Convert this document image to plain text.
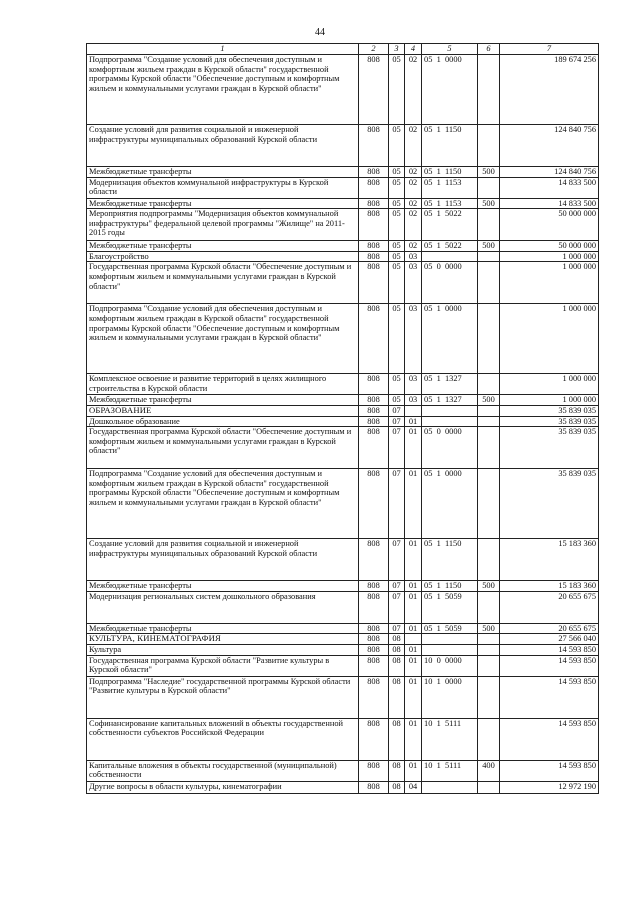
44
1	2	3	4	5	6	7
Подпрограмма "Создание условий для обеспечения доступным и комфортным жильем граждан в Курской области" государственной программы Курской области "Обеспечение доступным и комфортным жильем и коммунальными услугами граждан в Курской области"	808	05	02	05  1  0000		189 674 256
Создание условий для развития социальной и инженерной инфраструктуры муниципальных образований Курской области	808	05	02	05  1  1150		124 840 756
Межбюджетные трансферты	808	05	02	05  1  1150	500	124 840 756
Модернизация объектов коммунальной инфраструктуры в Курской области	808	05	02	05  1  1153		14 833 500
Межбюджетные трансферты	808	05	02	05  1  1153	500	14 833 500
Мероприятия подпрограммы "Модернизация объектов коммунальной инфраструктуры" федеральной целевой программы "Жилище" на 2011-2015 годы	808	05	02	05  1  5022		50 000 000
Межбюджетные трансферты	808	05	02	05  1  5022	500	50 000 000
Благоустройство	808	05	03			1 000 000
Государственная программа Курской области "Обеспечение доступным и комфортным жильем и коммунальными услугами граждан в Курской области"	808	05	03	05  0  0000		1 000 000
Подпрограмма "Создание условий для обеспечения доступным и комфортным жильем граждан в Курской области" государственной программы Курской области "Обеспечение доступным и комфортным жильем и коммунальными услугами граждан в Курской области"	808	05	03	05  1  0000		1 000 000
Комплексное освоение и развитие территорий в целях жилищного строительства в Курской области	808	05	03	05  1  1327		1 000 000
Межбюджетные трансферты	808	05	03	05  1  1327	500	1 000 000
ОБРАЗОВАНИЕ	808	07				35 839 035
Дошкольное образование	808	07	01			35 839 035
Государственная программа Курской области "Обеспечение доступным и комфортным жильем и коммунальными услугами граждан в Курской области"	808	07	01	05  0  0000		35 839 035
Подпрограмма "Создание условий для обеспечения доступным и комфортным жильем граждан в Курской области" государственной программы Курской области "Обеспечение доступным и комфортным жильем и коммунальными услугами граждан в Курской области"	808	07	01	05  1  0000		35 839 035
Создание условий для развития социальной и инженерной инфраструктуры муниципальных образований Курской области	808	07	01	05  1  1150		15 183 360
Межбюджетные трансферты	808	07	01	05  1  1150	500	15 183 360
Модернизация региональных систем дошкольного образования	808	07	01	05  1  5059		20 655 675
Межбюджетные трансферты	808	07	01	05  1  5059	500	20 655 675
КУЛЬТУРА, КИНЕМАТОГРАФИЯ	808	08				27 566 040
Культура	808	08	01			14 593 850
Государственная программа Курской области "Развитие культуры в Курской области"	808	08	01	10  0  0000		14 593 850
Подпрограмма "Наследие" государственной программы Курской области "Развитие культуры в Курской области"	808	08	01	10  1  0000		14 593 850
Софинансирование капитальных вложений в объекты государственной собственности субъектов Российской Федерации	808	08	01	10  1  5111		14 593 850
Капитальные вложения в объекты государственной (муниципальной) собственности	808	08	01	10  1  5111	400	14 593 850
Другие вопросы в области культуры, кинематографии	808	08	04			12 972 190
